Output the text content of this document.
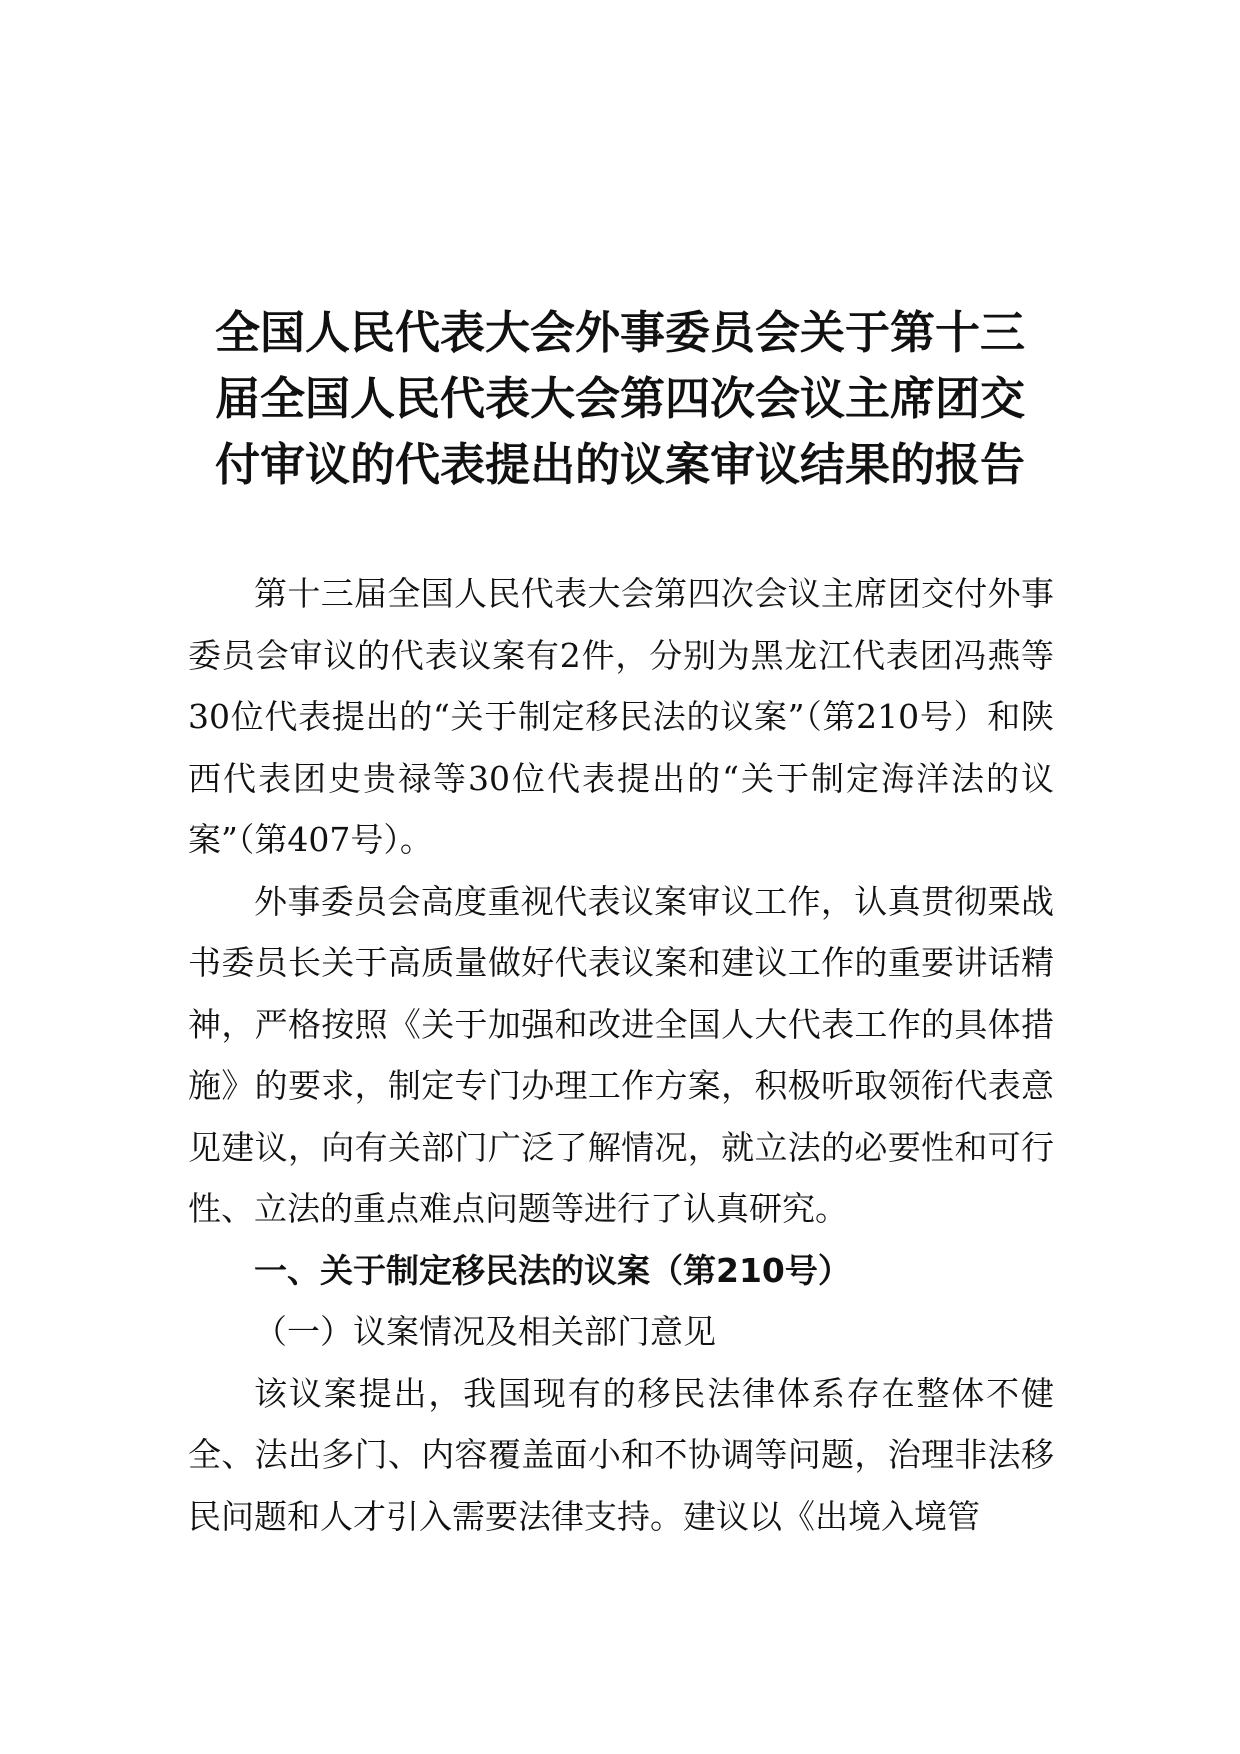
全国人民代表大会外事委员会关于第十三
届全国人民代表大会第四次会议主席团交
付审议的代表提出的议案审议结果的报告

第十三届全国人民代表大会第四次会议主席团交付外事委员会审议的代表议案有2件，分别为黑龙江代表团冯燕等30位代表提出的“关于制定移民法的议案”（第210号）和陕西代表团史贵禄等30位代表提出的“关于制定海洋法的议案”（第407号）。

外事委员会高度重视代表议案审议工作，认真贯彻栗战书委员长关于高质量做好代表议案和建议工作的重要讲话精神，严格按照《关于加强和改进全国人大代表工作的具体措施》的要求，制定专门办理工作方案，积极听取领衔代表意见建议，向有关部门广泛了解情况，就立法的必要性和可行性、立法的重点难点问题等进行了认真研究。

一、关于制定移民法的议案（第210号）

（一）议案情况及相关部门意见

该议案提出，我国现有的移民法律体系存在整体不健全、法出多门、内容覆盖面小和不协调等问题，治理非法移民问题和人才引入需要法律支持。建议以《出境入境管
